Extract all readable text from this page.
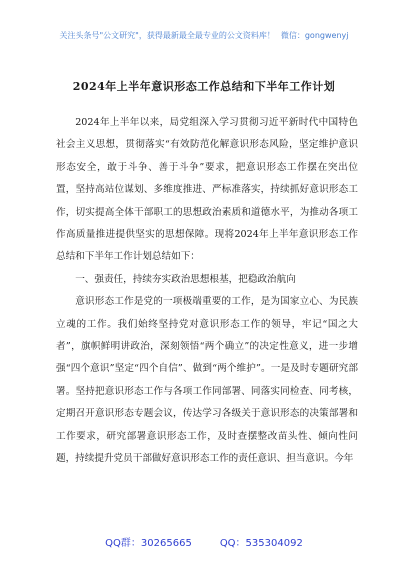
关注头条号"公文研究"，获得最新最全最专业的公文资料库！ 微信：gongwenyj
2024年上半年意识形态工作总结和下半年工作计划

2024年上半年以来，局党组深入学习贯彻习近平新时代中国特色社会主义思想，贯彻落实“有效防范化解意识形态风险，坚定维护意识形态安全，敢于斗争、善于斗争”要求，把意识形态工作摆在突出位置，坚持高站位谋划、多维度推进、严标准落实，持续抓好意识形态工作，切实提高全体干部职工的思想政治素质和道德水平，为推动各项工作高质量推进提供坚实的思想保障。现将2024年上半年意识形态工作总结和下半年工作计划总结如下：

一、强责任，持续夯实政治思想根基，把稳政治航向

意识形态工作是党的一项极端重要的工作，是为国家立心、为民族立魂的工作。我们始终坚持党对意识形态工作的领导，牢记“国之大者”，旗帜鲜明讲政治，深刻领悟“两个确立”的决定性意义，进一步增强“四个意识”坚定“四个自信”、做到“两个维护”。一是及时专题研究部署。坚持把意识形态工作与各项工作同部署、同落实同检查、同考核，定期召开意识形态专题会议，传达学习各级关于意识形态的决策部署和工作要求，研究部署意识形态工作，及时查摆整改苗头性、倾向性问题，持续提升党员干部做好意识形态工作的责任意识、担当意识。今年

QQ群：30265665	QQ：535304092
